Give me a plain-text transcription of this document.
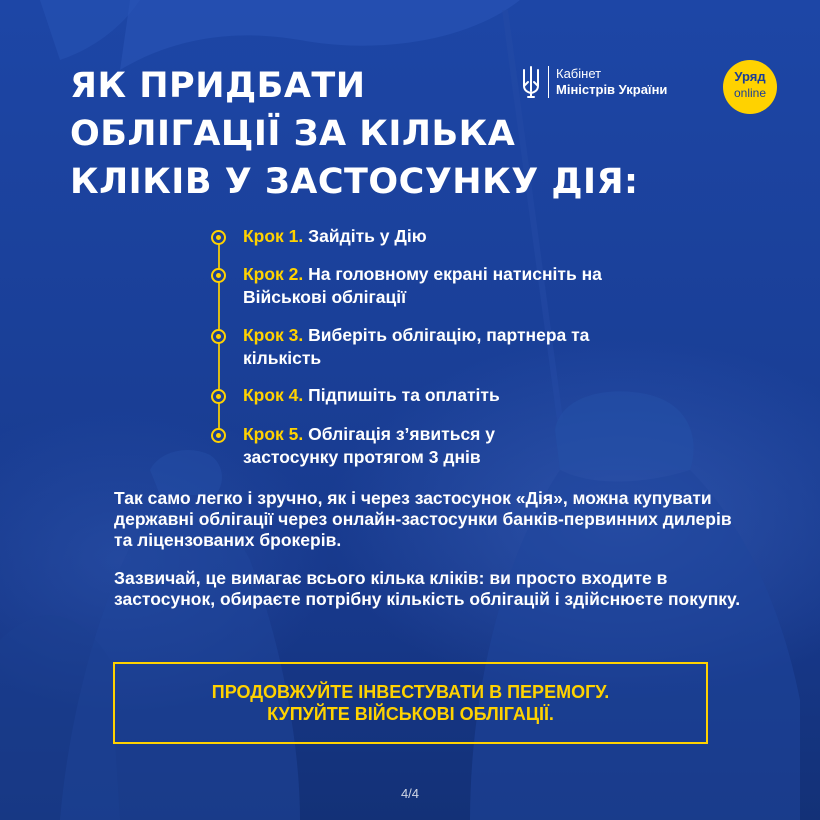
ЯК ПРИДБАТИ
ОБЛІГАЦІЇ ЗА КІЛЬКА
КЛІКІВ У ЗАСТОСУНКУ ДІЯ:
Кабінет
Міністрів України
Уряд
online
Крок 1. Зайдіть у Дію
Крок 2. На головному екрані натисніть на Військові облігації
Крок 3. Виберіть облігацію, партнера та кількість
Крок 4. Підпишіть та оплатіть
Крок 5. Облігація з’явиться у застосунку протягом 3 днів

Так само легко і зручно, як і через застосунок «Дія», можна купувати державні облігації через онлайн-застосунки банків-первинних дилерів та ліцензованих брокерів.

Зазвичай, це вимагає всього кілька кліків: ви просто входите в застосунок, обираєте потрібну кількість облігацій і здійснюєте покупку.

ПРОДОВЖУЙТЕ ІНВЕСТУВАТИ В ПЕРЕМОГУ.
КУПУЙТЕ ВІЙСЬКОВІ ОБЛІГАЦІЇ.
4/4
